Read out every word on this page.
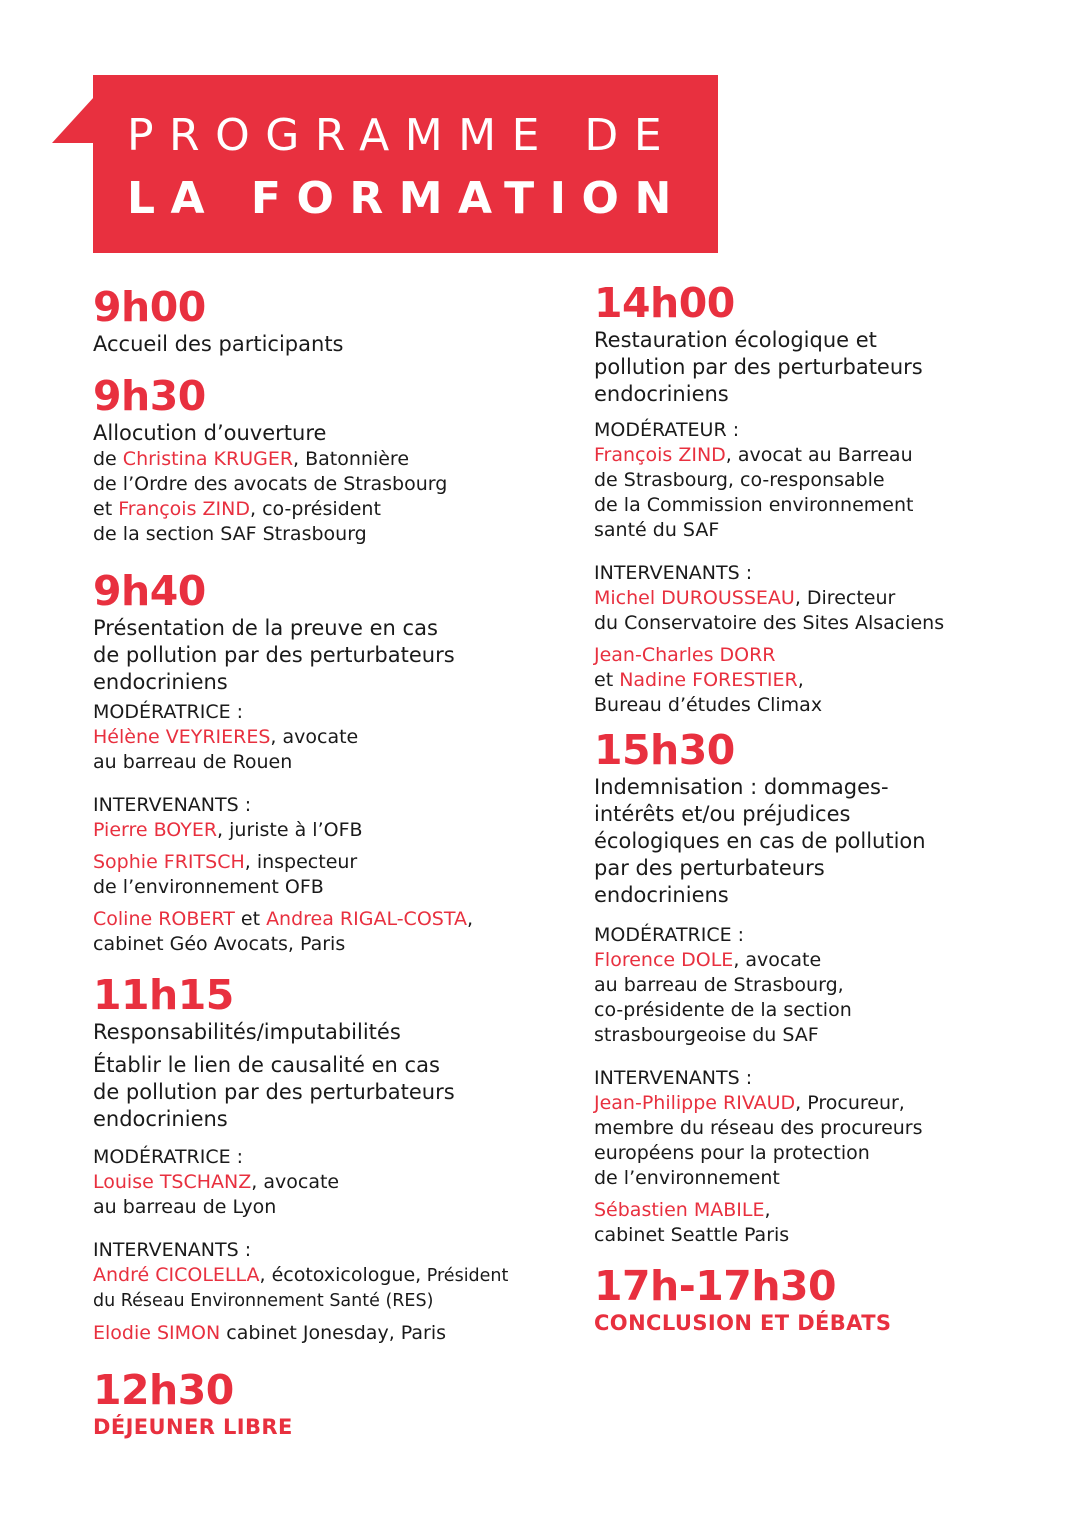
PROGRAMME DE
LA FORMATION
9h00
Accueil des participants
9h30
Allocution d’ouverture
de Christina KRUGER, Batonnière
de l’Ordre des avocats de Strasbourg
et François ZIND, co-président
de la section SAF Strasbourg
9h40
Présentation de la preuve en cas
de pollution par des perturbateurs
endocriniens
MODÉRATRICE :
Hélène VEYRIERES, avocate
au barreau de Rouen
INTERVENANTS :
Pierre BOYER, juriste à l’OFB
Sophie FRITSCH, inspecteur
de l’environnement OFB
Coline ROBERT et Andrea RIGAL-COSTA,
cabinet Géo Avocats, Paris
11h15
Responsabilités/imputabilités
Établir le lien de causalité en cas
de pollution par des perturbateurs
endocriniens
MODÉRATRICE :
Louise TSCHANZ, avocate
au barreau de Lyon
INTERVENANTS :
André CICOLELLA, écotoxicologue, Président
du Réseau Environnement Santé (RES)
Elodie SIMON cabinet Jonesday, Paris
12h30
DÉJEUNER LIBRE
14h00
Restauration écologique et
pollution par des perturbateurs
endocriniens
MODÉRATEUR :
François ZIND, avocat au Barreau
de Strasbourg, co-responsable
de la Commission environnement
santé du SAF
INTERVENANTS :
Michel DUROUSSEAU, Directeur
du Conservatoire des Sites Alsaciens
Jean-Charles DORR
et Nadine FORESTIER,
Bureau d’études Climax
15h30
Indemnisation : dommages-
intérêts et/ou préjudices
écologiques en cas de pollution
par des perturbateurs
endocriniens
MODÉRATRICE :
Florence DOLE, avocate
au barreau de Strasbourg,
co-présidente de la section
strasbourgeoise du SAF
INTERVENANTS :
Jean-Philippe RIVAUD, Procureur,
membre du réseau des procureurs
européens pour la protection
de l’environnement
Sébastien MABILE,
cabinet Seattle Paris
17h-17h30
CONCLUSION ET DÉBATS
